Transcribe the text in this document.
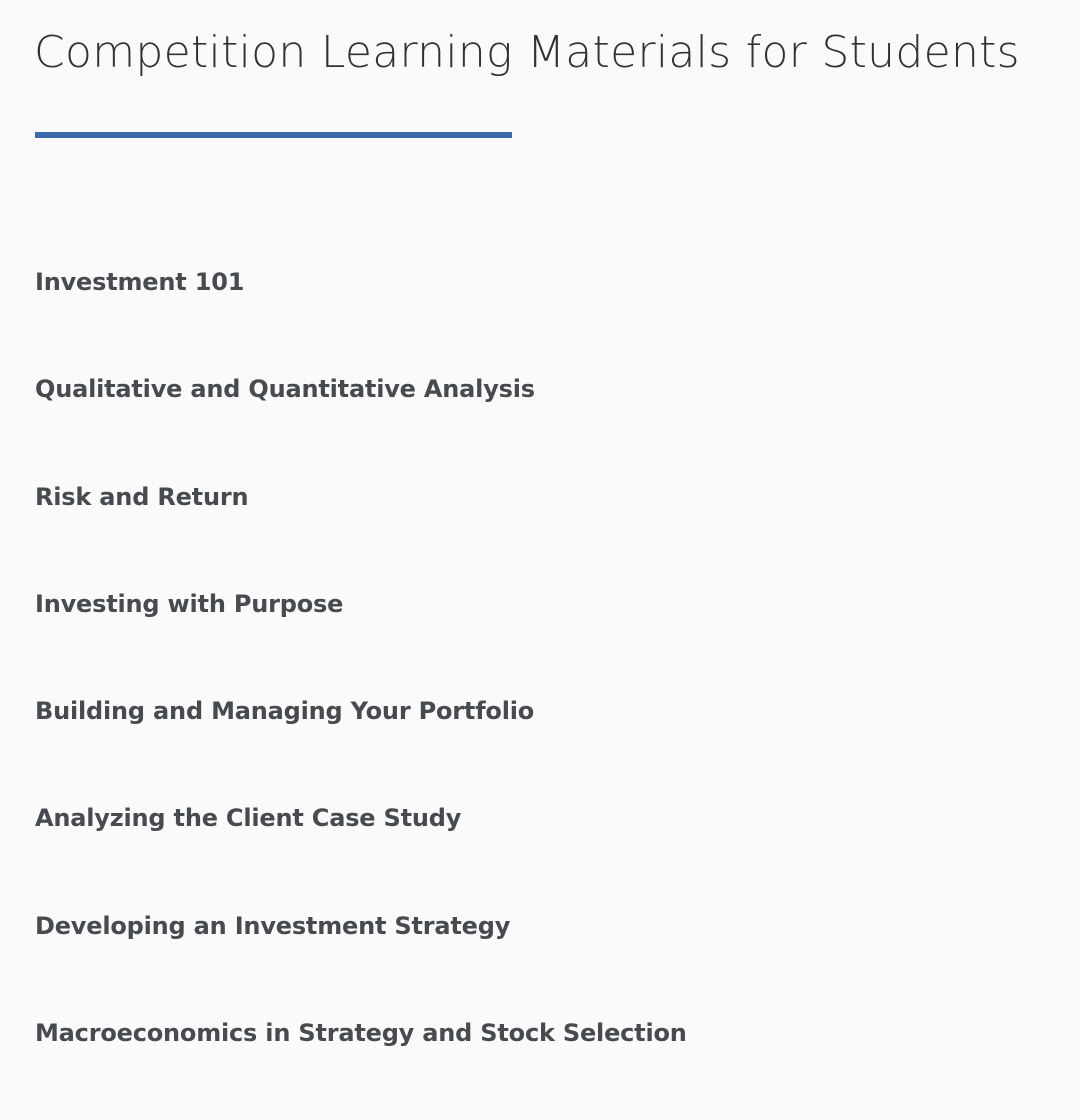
Competition Learning Materials for Students
Investment 101
Qualitative and Quantitative Analysis
Risk and Return
Investing with Purpose
Building and Managing Your Portfolio
Analyzing the Client Case Study
Developing an Investment Strategy
Macroeconomics in Strategy and Stock Selection
